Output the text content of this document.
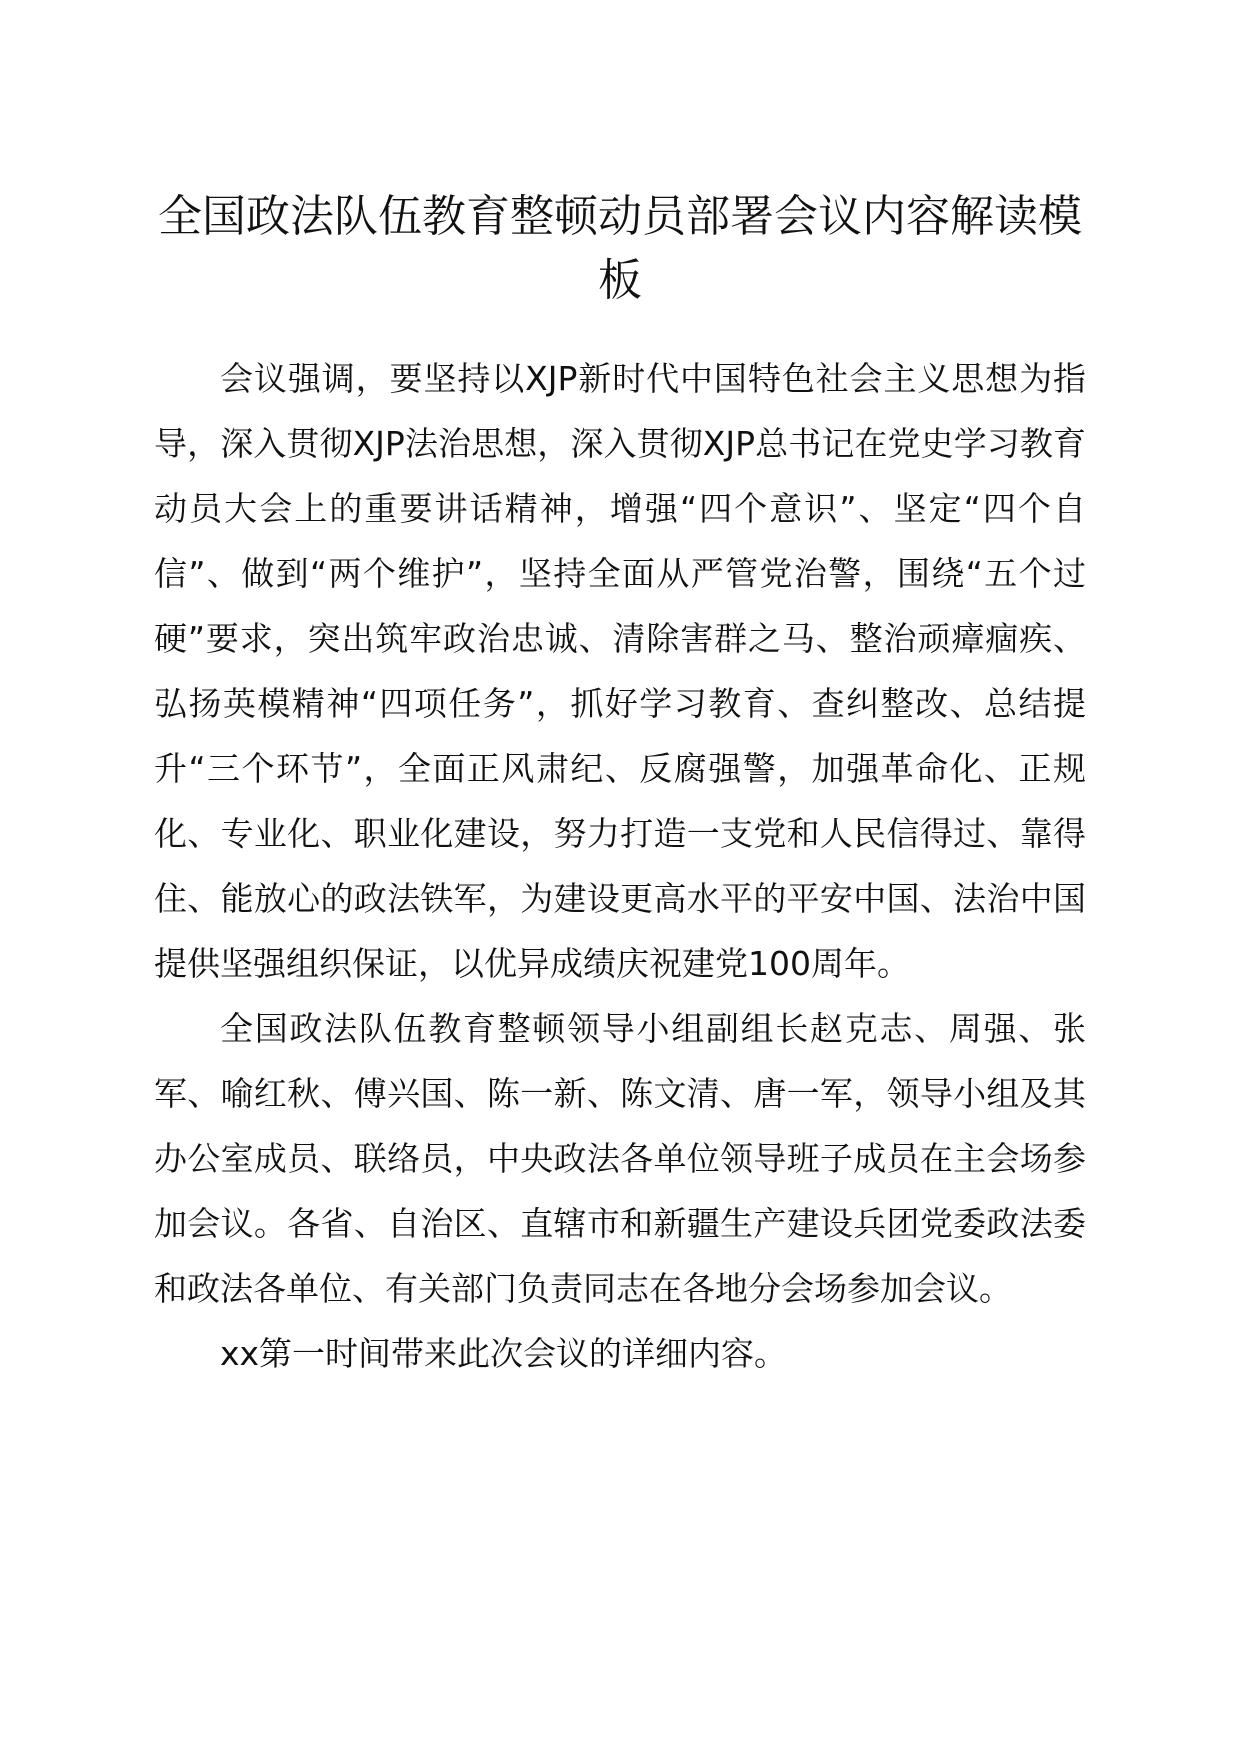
全国政法队伍教育整顿动员部署会议内容解读模板

会议强调，要坚持以XJP新时代中国特色社会主义思想为指导，深入贯彻XJP法治思想，深入贯彻XJP总书记在党史学习教育动员大会上的重要讲话精神，增强“四个意识”、坚定“四个自信”、做到“两个维护”，坚持全面从严管党治警，围绕“五个过硬”要求，突出筑牢政治忠诚、清除害群之马、整治顽瘴痼疾、弘扬英模精神“四项任务”，抓好学习教育、查纠整改、总结提升“三个环节”，全面正风肃纪、反腐强警，加强革命化、正规化、专业化、职业化建设，努力打造一支党和人民信得过、靠得住、能放心的政法铁军，为建设更高水平的平安中国、法治中国提供坚强组织保证，以优异成绩庆祝建党100周年。

全国政法队伍教育整顿领导小组副组长赵克志、周强、张军、喻红秋、傅兴国、陈一新、陈文清、唐一军，领导小组及其办公室成员、联络员，中央政法各单位领导班子成员在主会场参加会议。各省、自治区、直辖市和新疆生产建设兵团党委政法委和政法各单位、有关部门负责同志在各地分会场参加会议。

xx第一时间带来此次会议的详细内容。
